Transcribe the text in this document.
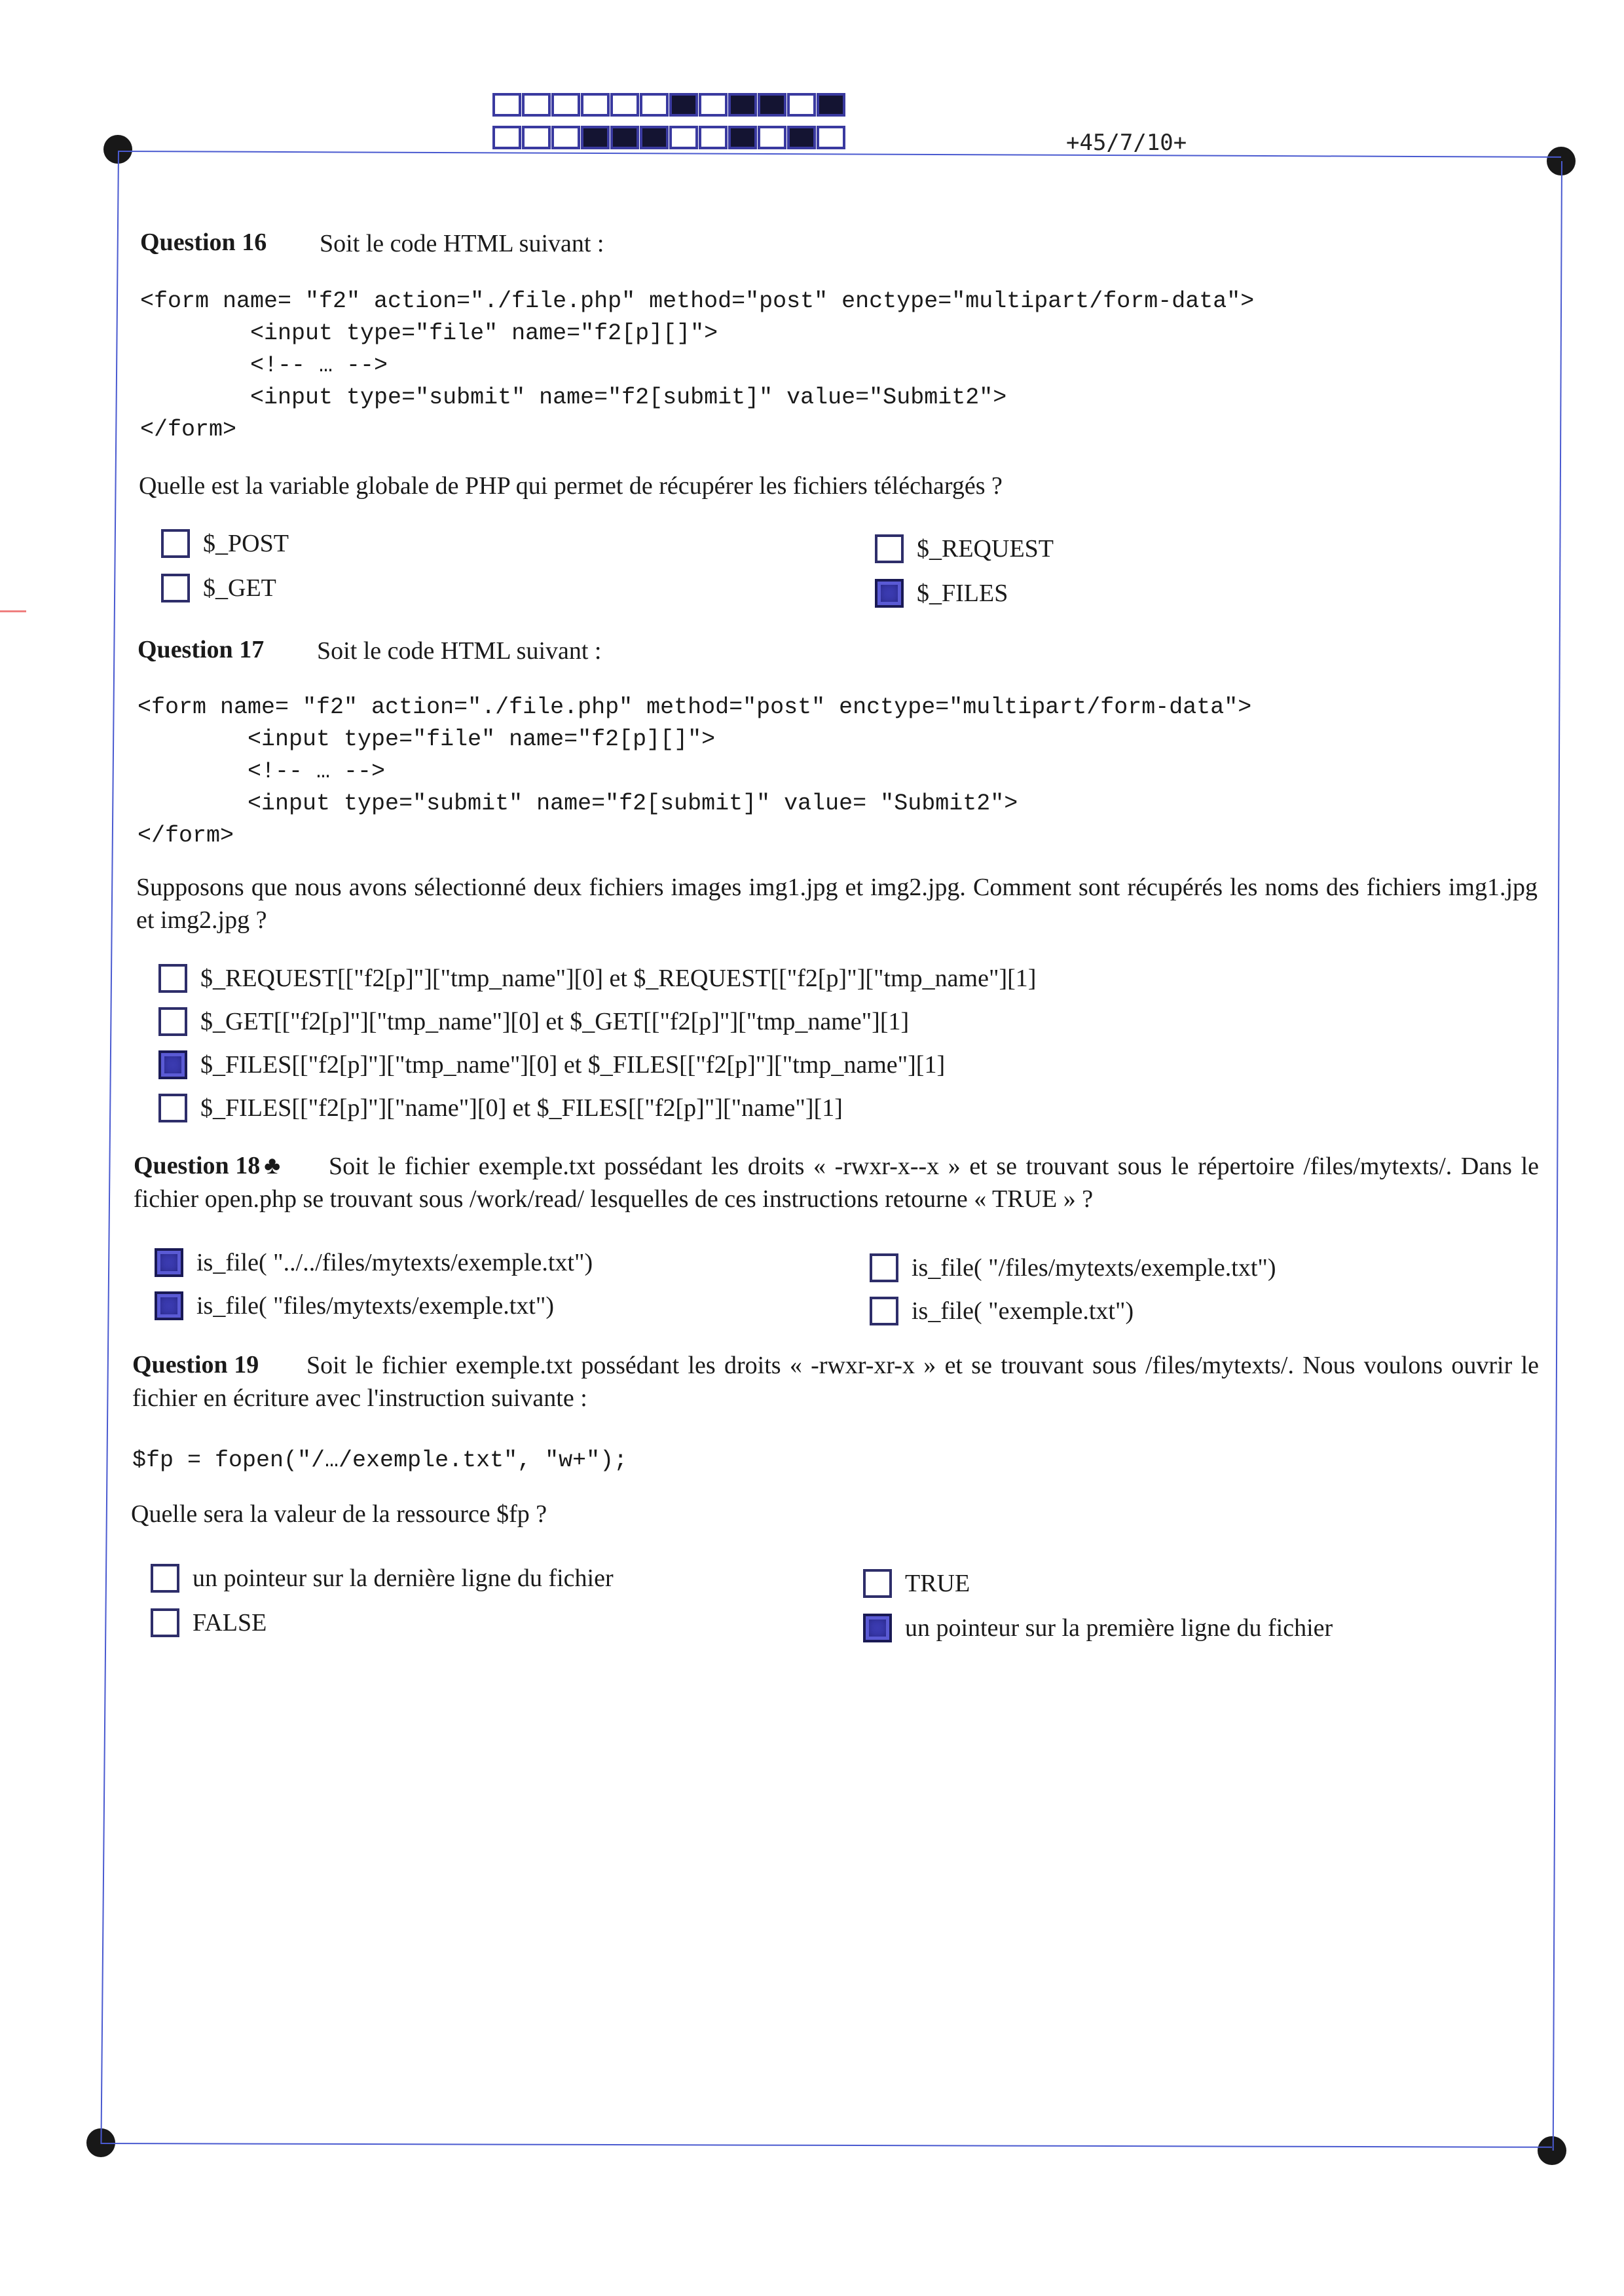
+45/7/10+
Question 16 Soit le code HTML suivant :
<form name= "f2" action="./file.php" method="post" enctype="multipart/form-data">
<input type="file" name="f2[p][]">
<!-- … -->
<input type="submit" name="f2[submit]" value="Submit2">
</form>
Quelle est la variable globale de PHP qui permet de récupérer les fichiers téléchargés ?
$_POST
$_GET
$_REQUEST
$_FILES
Question 17 Soit le code HTML suivant :
<form name= "f2" action="./file.php" method="post" enctype="multipart/form-data">
<input type="file" name="f2[p][]">
<!-- … -->
<input type="submit" name="f2[submit]" value= "Submit2">
</form>
Supposons que nous avons sélectionné deux fichiers images img1.jpg et img2.jpg. Comment sont récupérés les noms des fichiers img1.jpg et img2.jpg ?
$_REQUEST[["f2[p]"]["tmp_name"][0] et $_REQUEST[["f2[p]"]["tmp_name"][1]
$_GET[["f2[p]"]["tmp_name"][0] et $_GET[["f2[p]"]["tmp_name"][1]
$_FILES[["f2[p]"]["tmp_name"][0] et $_FILES[["f2[p]"]["tmp_name"][1]
$_FILES[["f2[p]"]["name"][0] et $_FILES[["f2[p]"]["name"][1]
Question 18 ♣	Soit le fichier exemple.txt possédant les droits « -rwxr-x--x » et se trouvant sous le répertoire /files/mytexts/. Dans le fichier open.php se trouvant sous /work/read/ lesquelles de ces instructions retourne « TRUE » ?
is_file( "../../files/mytexts/exemple.txt")
is_file( "files/mytexts/exemple.txt")
is_file( "/files/mytexts/exemple.txt")
is_file( "exemple.txt")
Question 19	Soit le fichier exemple.txt possédant les droits « -rwxr-xr-x » et se trouvant sous /files/mytexts/. Nous voulons ouvrir le fichier en écriture avec l'instruction suivante :
$fp = fopen("/…/exemple.txt", "w+");
Quelle sera la valeur de la ressource $fp ?
un pointeur sur la dernière ligne du fichier
FALSE
TRUE
un pointeur sur la première ligne du fichier
